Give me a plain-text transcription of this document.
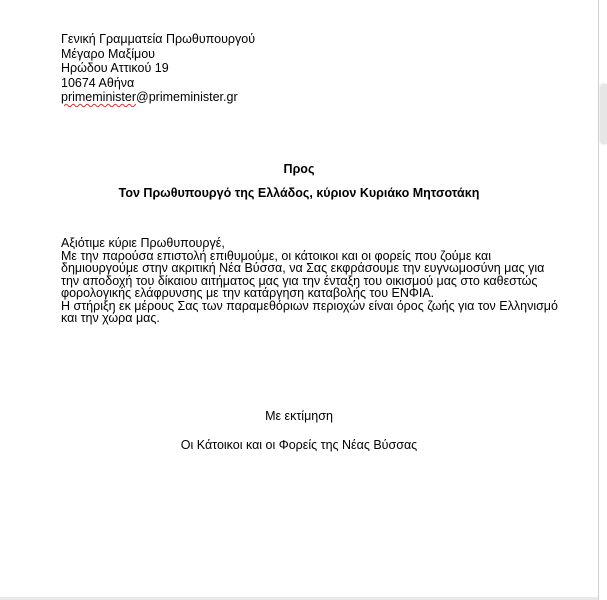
Γενική Γραμματεία Πρωθυπουργού
Μέγαρο Μαξίμου
Ηρώδου Αττικού 19
10674 Αθήνα
primeminister@primeminister.gr
Προς
Τον Πρωθυπουργό της Ελλάδος, κύριον Κυριάκο Μητσοτάκη
Αξιότιμε κύριε Πρωθυπουργέ,
Με την παρούσα επιστολή επιθυμούμε, οι κάτοικοι και οι φορείς που ζούμε και
δημιουργούμε στην ακριτική Νέα Βύσσα, να Σας εκφράσουμε την ευγνωμοσύνη μας για
την αποδοχή του δίκαιου αιτήματος μας για την ένταξη του οικισμού μας στο καθεστώς
φορολογικής ελάφρυνσης με την κατάργηση καταβολής του ΕΝΦΙΑ.
Η στήριξη εκ μέρους Σας των παραμεθόριων περιοχών είναι όρος ζωής για τον Ελληνισμό
και την χώρα μας.
Με εκτίμηση
Οι Κάτοικοι και οι Φορείς της Νέας Βύσσας
